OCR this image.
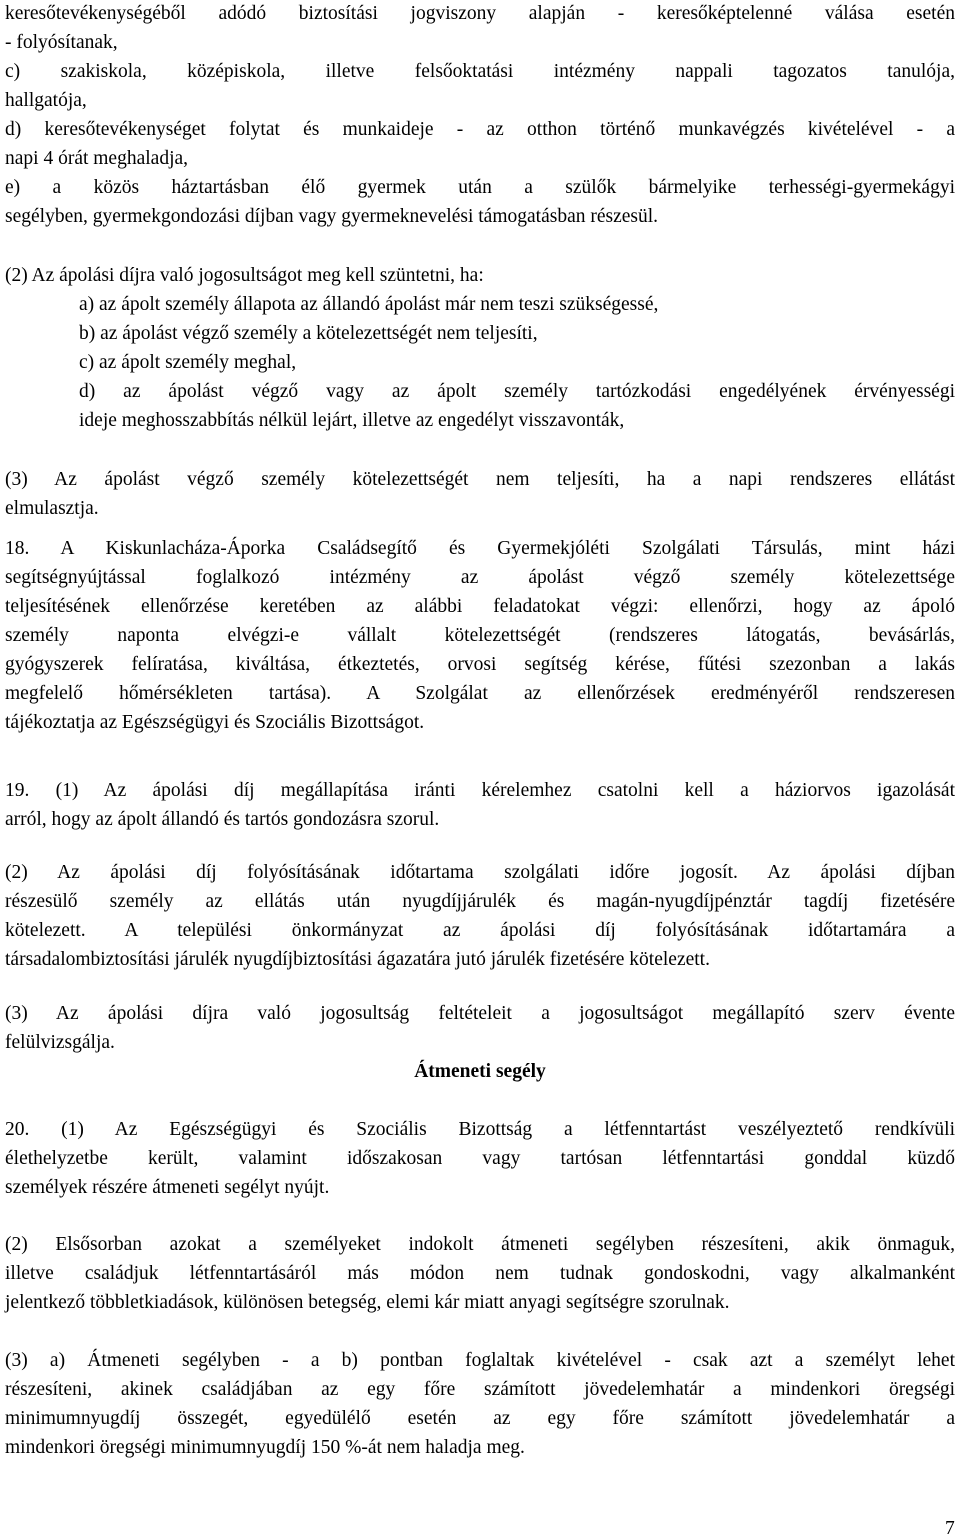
keresőtevékenységéből adódó biztosítási jogviszony alapján - keresőképtelenné válása esetén
- folyósítanak,
c) szakiskola, középiskola, illetve felsőoktatási intézmény nappali tagozatos tanulója,
hallgatója,
d) keresőtevékenységet folytat és munkaideje - az otthon történő munkavégzés kivételével - a
napi 4 órát meghaladja,
e) a közös háztartásban élő gyermek után a szülők bármelyike terhességi-gyermekágyi
segélyben, gyermekgondozási díjban vagy gyermeknevelési támogatásban részesül.
(2) Az ápolási díjra való jogosultságot meg kell szüntetni, ha:
a) az ápolt személy állapota az állandó ápolást már nem teszi szükségessé,
b) az ápolást végző személy a kötelezettségét nem teljesíti,
c) az ápolt személy meghal,
d) az ápolást végző vagy az ápolt személy tartózkodási engedélyének érvényességi
ideje meghosszabbítás nélkül lejárt, illetve az engedélyt visszavonták,
(3) Az ápolást végző személy kötelezettségét nem teljesíti, ha a napi rendszeres ellátást
elmulasztja.
18. A Kiskunlacháza-Áporka Családsegítő és Gyermekjóléti Szolgálati Társulás, mint házi
segítségnyújtással foglalkozó intézmény az ápolást végző személy kötelezettsége
teljesítésének ellenőrzése keretében az alábbi feladatokat végzi: ellenőrzi, hogy az ápoló
személy naponta elvégzi-e vállalt kötelezettségét (rendszeres látogatás, bevásárlás,
gyógyszerek felíratása, kiváltása, étkeztetés, orvosi segítség kérése, fűtési szezonban a lakás
megfelelő hőmérsékleten tartása). A Szolgálat az ellenőrzések eredményéről rendszeresen
tájékoztatja az Egészségügyi és Szociális Bizottságot.
19. (1) Az ápolási díj megállapítása iránti kérelemhez csatolni kell a háziorvos igazolását
arról, hogy az ápolt állandó és tartós gondozásra szorul.
(2) Az ápolási díj folyósításának időtartama szolgálati időre jogosít. Az ápolási díjban
részesülő személy az ellátás után nyugdíjjárulék és magán-nyugdíjpénztár tagdíj fizetésére
kötelezett. A települési önkormányzat az ápolási díj folyósításának időtartamára a
társadalombiztosítási járulék nyugdíjbiztosítási ágazatára jutó járulék fizetésére kötelezett.
(3) Az ápolási díjra való jogosultság feltételeit a jogosultságot megállapító szerv évente
felülvizsgálja.
Átmeneti segély
20. (1) Az Egészségügyi és Szociális Bizottság a létfenntartást veszélyeztető rendkívüli
élethelyzetbe került, valamint időszakosan vagy tartósan létfenntartási gonddal küzdő
személyek részére átmeneti segélyt nyújt.
(2) Elsősorban azokat a személyeket indokolt átmeneti segélyben részesíteni, akik önmaguk,
illetve családjuk létfenntartásáról más módon nem tudnak gondoskodni, vagy alkalmanként
jelentkező többletkiadások, különösen betegség, elemi kár miatt anyagi segítségre szorulnak.
(3) a) Átmeneti segélyben - a b) pontban foglaltak kivételével - csak azt a személyt lehet
részesíteni, akinek családjában az egy főre számított jövedelemhatár a mindenkori öregségi
minimumnyugdíj összegét, egyedülélő esetén az egy főre számított jövedelemhatár a
mindenkori öregségi minimumnyugdíj 150 %-át nem haladja meg.
7
